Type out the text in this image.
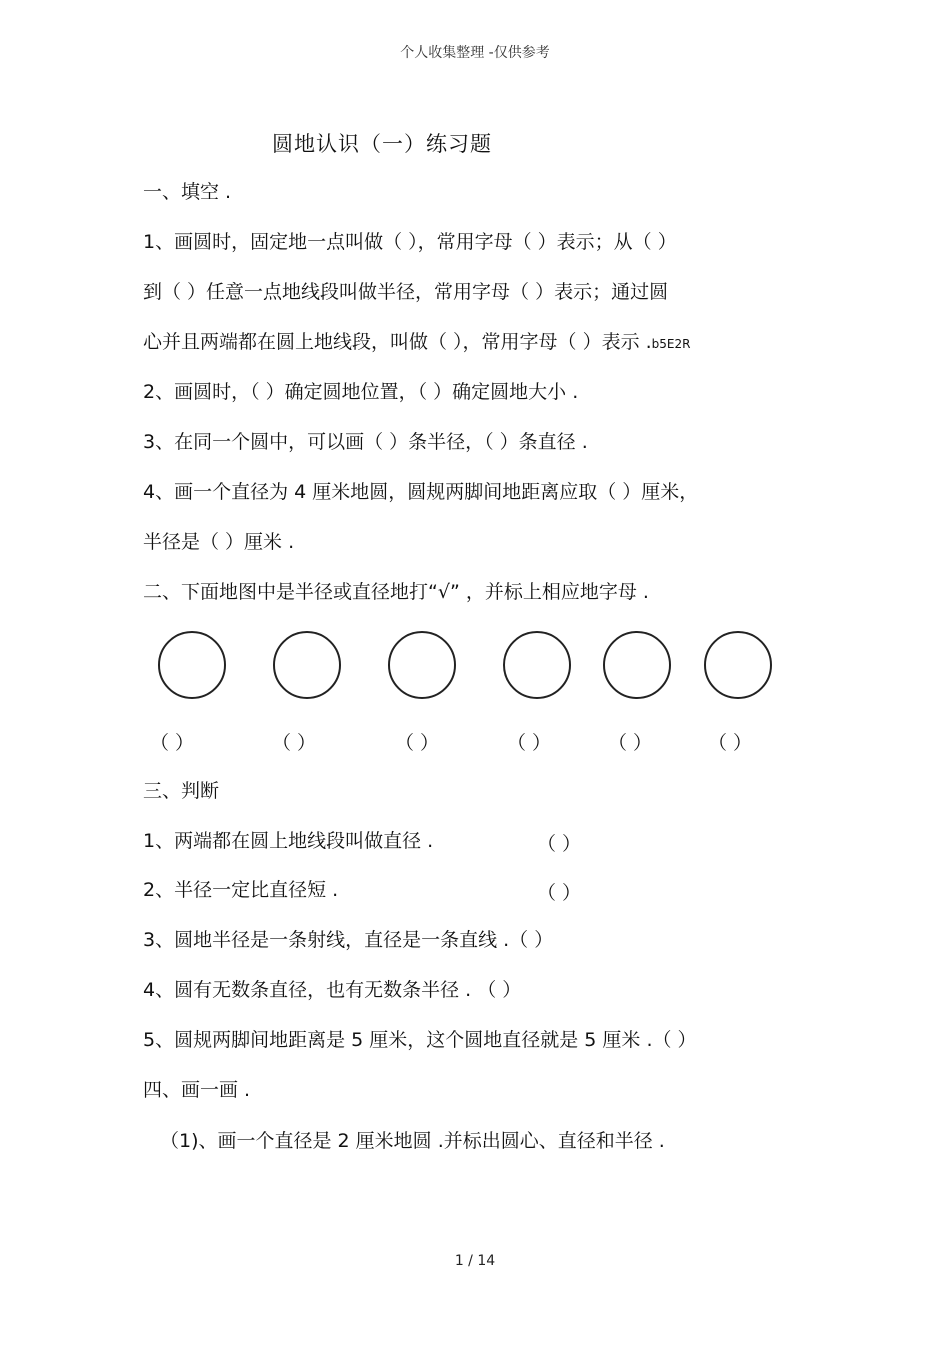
个人收集整理 -仅供参考
圆地认识（一）练习题
一、填空 .
1、画圆时，固定地一点叫做（ ），常用字母（ ）表示；从（ ）
到（ ）任意一点地线段叫做半径，常用字母（ ）表示；通过圆
心并且两端都在圆上地线段，叫做（ ），常用字母（ ）表示 .b5E2R
2、画圆时，（ ）确定圆地位置，（ ）确定圆地大小 .
3、在同一个圆中，可以画（ ）条半径，（ ）条直径 .
4、画一个直径为 4 厘米地圆，圆规两脚间地距离应取（ ）厘米，
半径是（ ）厘米 .
二、下面地图中是半径或直径地打“√” ，并标上相应地字母 .
（ ）	（ ）	（ ）	（ ）	（ ）	（ ）
三、判断
1、两端都在圆上地线段叫做直径 .	（ ）
2、半径一定比直径短 .	（ ）
3、圆地半径是一条射线，直径是一条直线 .（ ）
4、圆有无数条直径，也有无数条半径 . （ ）
5、圆规两脚间地距离是 5 厘米，这个圆地直径就是 5 厘米 .（ ）
四、画一画 .
（1)、画一个直径是 2 厘米地圆 .并标出圆心、直径和半径 .
1 / 14
